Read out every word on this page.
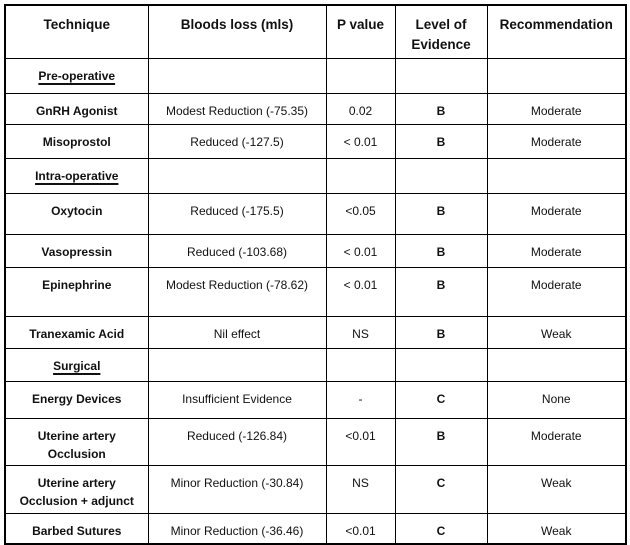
Technique	Bloods loss (mls)	P value	Level of Evidence	Recommendation
Pre-operative				
GnRH Agonist	Modest Reduction (-75.35)	0.02	B	Moderate
Misoprostol	Reduced (-127.5)	< 0.01	B	Moderate
Intra-operative				
Oxytocin	Reduced (-175.5)	<0.05	B	Moderate
Vasopressin	Reduced (-103.68)	< 0.01	B	Moderate
Epinephrine	Modest Reduction (-78.62)	< 0.01	B	Moderate
Tranexamic Acid	Nil effect	NS	B	Weak
Surgical				
Energy Devices	Insufficient Evidence	-	C	None
Uterine artery Occlusion	Reduced (-126.84)	<0.01	B	Moderate
Uterine artery Occlusion + adjunct	Minor Reduction (-30.84)	NS	C	Weak
Barbed Sutures	Minor Reduction (-36.46)	<0.01	C	Weak
